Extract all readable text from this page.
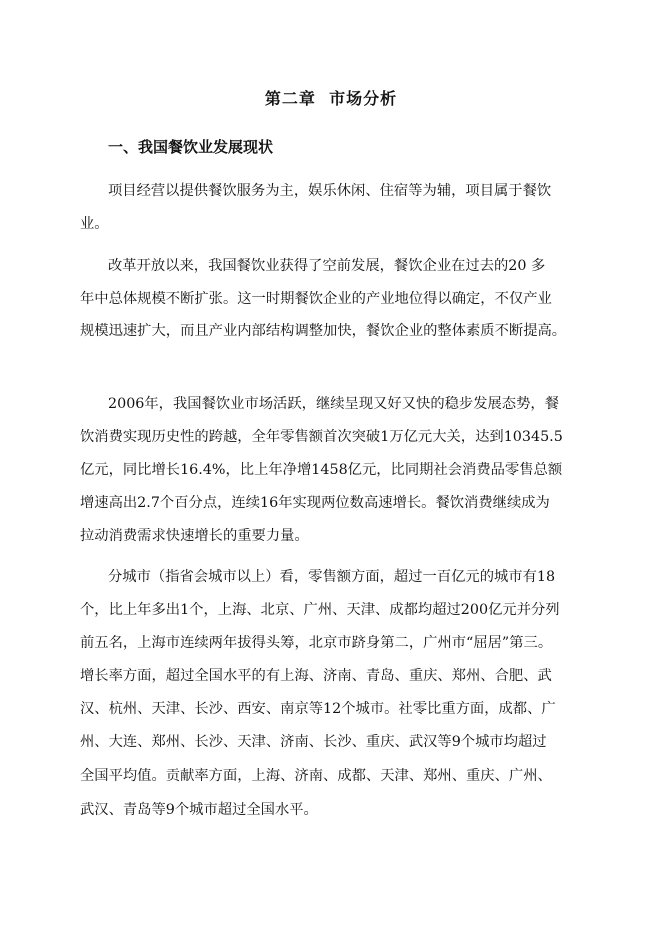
第二章  市场分析
一、我国餐饮业发展现状
项目经营以提供餐饮服务为主，娱乐休闲、住宿等为辅，项目属于餐饮
业。
改革开放以来，我国餐饮业获得了空前发展，餐饮企业在过去的20 多
年中总体规模不断扩张。这一时期餐饮企业的产业地位得以确定，不仅产业
规模迅速扩大，而且产业内部结构调整加快，餐饮企业的整体素质不断提高。
2006年，我国餐饮业市场活跃，继续呈现又好又快的稳步发展态势，餐
饮消费实现历史性的跨越，全年零售额首次突破1万亿元大关，达到10345.5
亿元，同比增长16.4%，比上年净增1458亿元，比同期社会消费品零售总额
增速高出2.7个百分点，连续16年实现两位数高速增长。餐饮消费继续成为
拉动消费需求快速增长的重要力量。
分城市（指省会城市以上）看，零售额方面，超过一百亿元的城市有18
个，比上年多出1个，上海、北京、广州、天津、成都均超过200亿元并分列
前五名，上海市连续两年拔得头筹，北京市跻身第二，广州市“屈居”第三。
增长率方面，超过全国水平的有上海、济南、青岛、重庆、郑州、合肥、武
汉、杭州、天津、长沙、西安、南京等12个城市。社零比重方面，成都、广
州、大连、郑州、长沙、天津、济南、长沙、重庆、武汉等9个城市均超过
全国平均值。贡献率方面，上海、济南、成都、天津、郑州、重庆、广州、
武汉、青岛等9个城市超过全国水平。
